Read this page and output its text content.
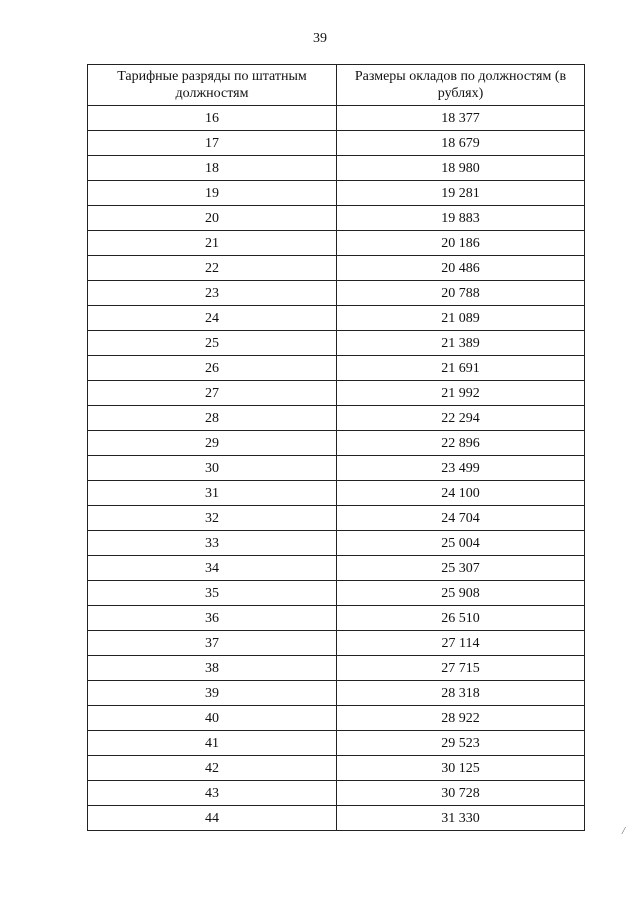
39
Тарифные разряды по штатным должностям	Размеры окладов по должностям (в рублях)
16	18 377
17	18 679
18	18 980
19	19 281
20	19 883
21	20 186
22	20 486
23	20 788
24	21 089
25	21 389
26	21 691
27	21 992
28	22 294
29	22 896
30	23 499
31	24 100
32	24 704
33	25 004
34	25 307
35	25 908
36	26 510
37	27 114
38	27 715
39	28 318
40	28 922
41	29 523
42	30 125
43	30 728
44	31 330
/
